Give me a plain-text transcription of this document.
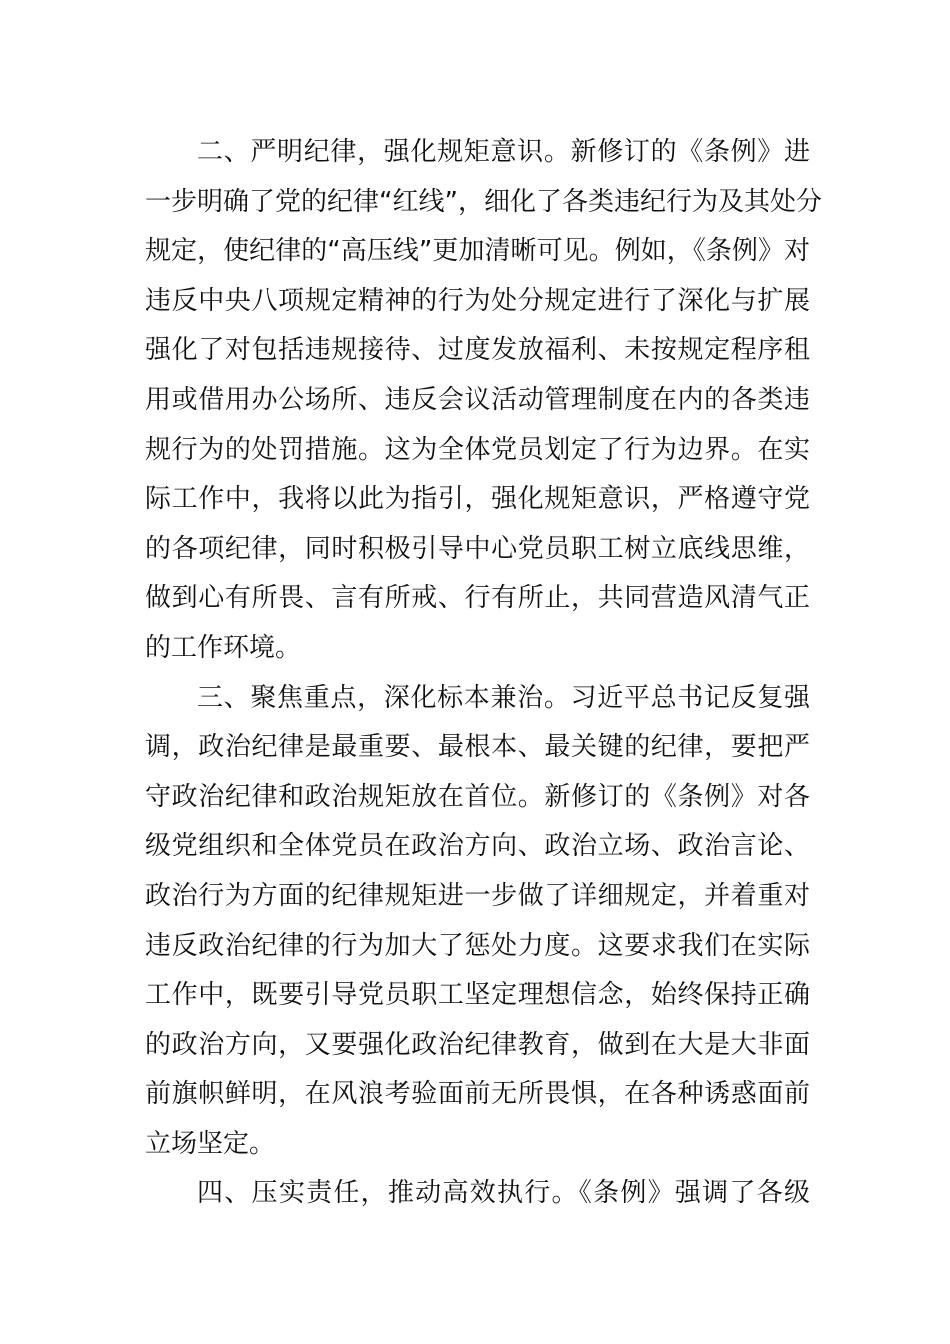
二、严明纪律，强化规矩意识。新修订的《条例》进
一步明确了党的纪律“红线”，细化了各类违纪行为及其处分
规定，使纪律的“高压线”更加清晰可见。例如，《条例》对
违反中央八项规定精神的行为处分规定进行了深化与扩展
强化了对包括违规接待、过度发放福利、未按规定程序租
用或借用办公场所、违反会议活动管理制度在内的各类违
规行为的处罚措施。这为全体党员划定了行为边界。在实
际工作中，我将以此为指引，强化规矩意识，严格遵守党
的各项纪律，同时积极引导中心党员职工树立底线思维，
做到心有所畏、言有所戒、行有所止，共同营造风清气正
的工作环境。
三、聚焦重点，深化标本兼治。习近平总书记反复强
调，政治纪律是最重要、最根本、最关键的纪律，要把严
守政治纪律和政治规矩放在首位。新修订的《条例》对各
级党组织和全体党员在政治方向、政治立场、政治言论、
政治行为方面的纪律规矩进一步做了详细规定，并着重对
违反政治纪律的行为加大了惩处力度。这要求我们在实际
工作中，既要引导党员职工坚定理想信念，始终保持正确
的政治方向，又要强化政治纪律教育，做到在大是大非面
前旗帜鲜明，在风浪考验面前无所畏惧，在各种诱惑面前
立场坚定。
四、压实责任，推动高效执行。《条例》强调了各级
